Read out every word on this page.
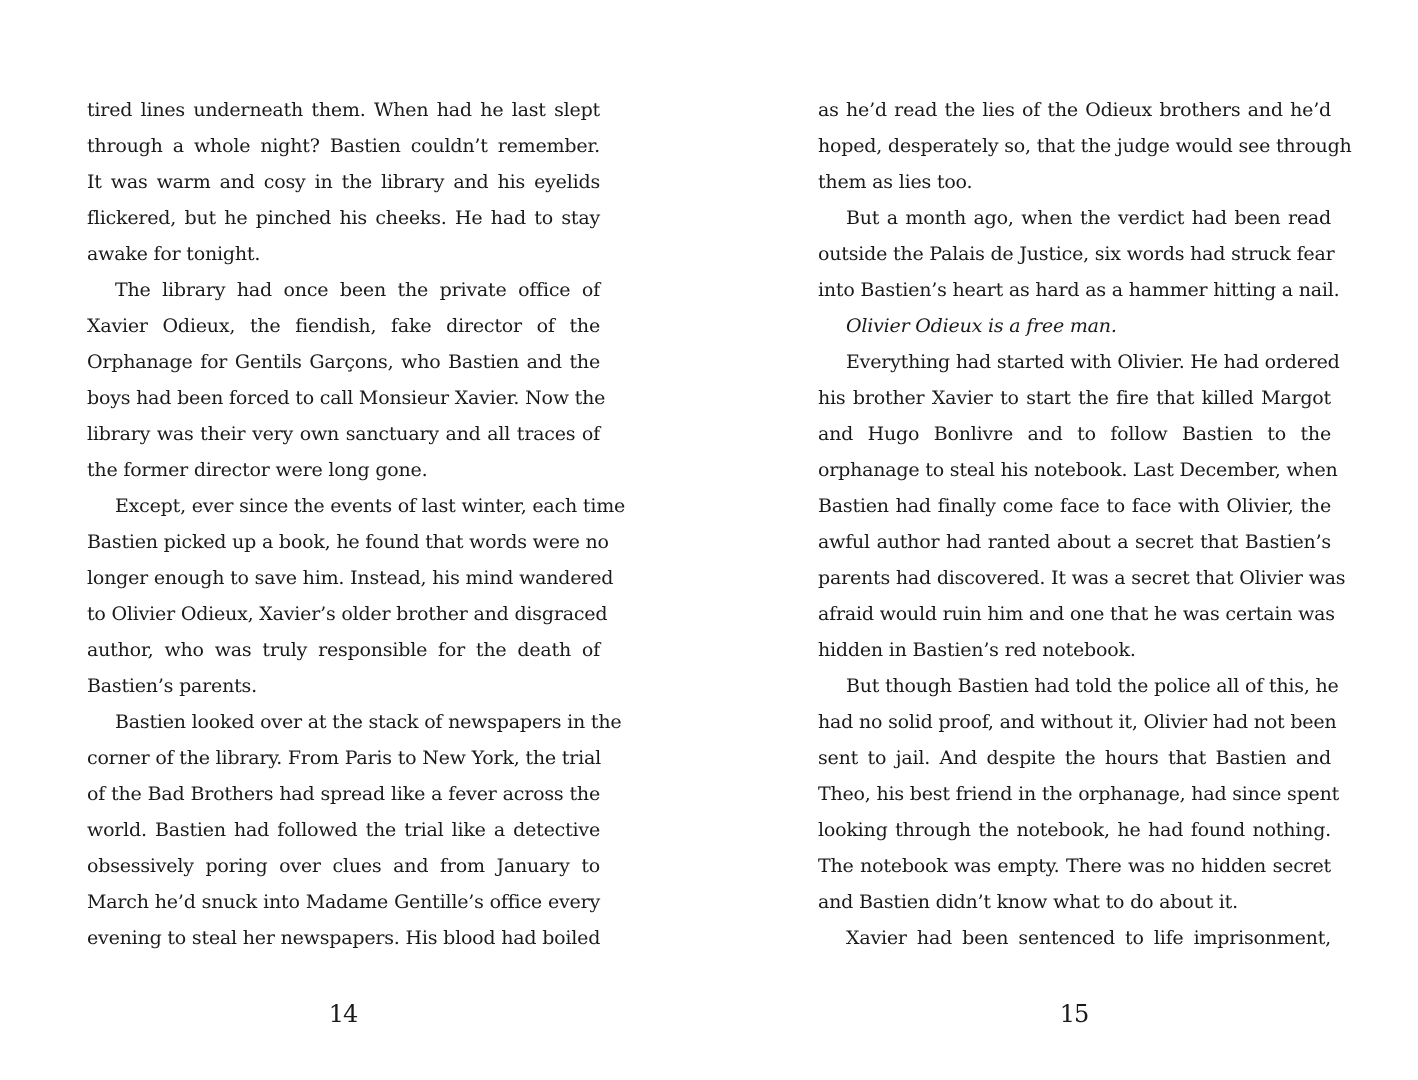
tired lines underneath them. When had he last slept
through a whole night? Bastien couldn’t remember.
It was warm and cosy in the library and his eyelids
flickered, but he pinched his cheeks. He had to stay
awake for tonight.
The library had once been the private office of
Xavier Odieux, the fiendish, fake director of the
Orphanage for Gentils Garçons, who Bastien and the
boys had been forced to call Monsieur Xavier. Now the
library was their very own sanctuary and all traces of
the former director were long gone.
Except, ever since the events of last winter, each time
Bastien picked up a book, he found that words were no
longer enough to save him. Instead, his mind wandered
to Olivier Odieux, Xavier’s older brother and disgraced
author, who was truly responsible for the death of
Bastien’s parents.
Bastien looked over at the stack of newspapers in the
corner of the library. From Paris to New York, the trial
of the Bad Brothers had spread like a fever across the
world. Bastien had followed the trial like a detective
obsessively poring over clues and from January to
March he’d snuck into Madame Gentille’s office every
evening to steal her newspapers. His blood had boiled
as he’d read the lies of the Odieux brothers and he’d
hoped, desperately so, that the judge would see through
them as lies too.
But a month ago, when the verdict had been read
outside the Palais de Justice, six words had struck fear
into Bastien’s heart as hard as a hammer hitting a nail.
Olivier Odieux is a free man.
Everything had started with Olivier. He had ordered
his brother Xavier to start the fire that killed Margot
and Hugo Bonlivre and to follow Bastien to the
orphanage to steal his notebook. Last December, when
Bastien had finally come face to face with Olivier, the
awful author had ranted about a secret that Bastien’s
parents had discovered. It was a secret that Olivier was
afraid would ruin him and one that he was certain was
hidden in Bastien’s red notebook.
But though Bastien had told the police all of this, he
had no solid proof, and without it, Olivier had not been
sent to jail. And despite the hours that Bastien and
Theo, his best friend in the orphanage, had since spent
looking through the notebook, he had found nothing.
The notebook was empty. There was no hidden secret
and Bastien didn’t know what to do about it.
Xavier had been sentenced to life imprisonment,
14	15
